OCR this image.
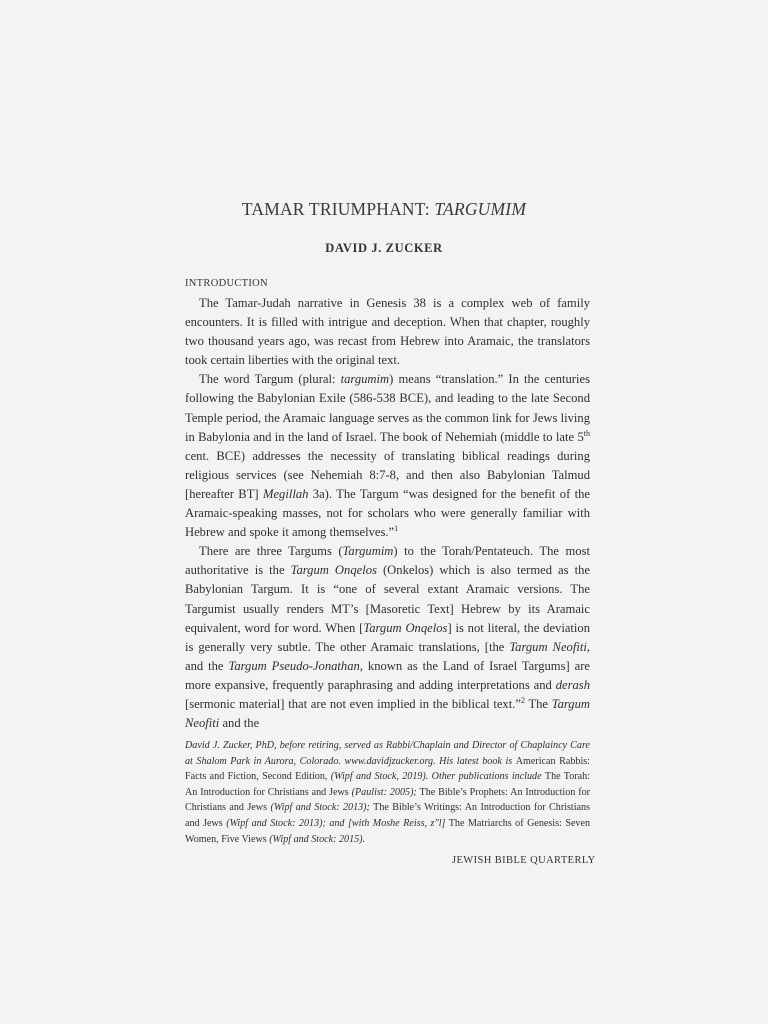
TAMAR TRIUMPHANT: TARGUMIM
DAVID J. ZUCKER
INTRODUCTION

The Tamar-Judah narrative in Genesis 38 is a complex web of family encounters. It is filled with intrigue and deception. When that chapter, roughly two thousand years ago, was recast from Hebrew into Aramaic, the translators took certain liberties with the original text.

The word Targum (plural: targumim) means “translation.” In the centuries following the Babylonian Exile (586-538 BCE), and leading to the late Second Temple period, the Aramaic language serves as the common link for Jews living in Babylonia and in the land of Israel. The book of Nehemiah (middle to late 5th cent. BCE) addresses the necessity of translating biblical readings during religious services (see Nehemiah 8:7-8, and then also Babylonian Talmud [hereafter BT] Megillah 3a). The Targum “was designed for the benefit of the Aramaic-speaking masses, not for scholars who were generally familiar with Hebrew and spoke it among themselves.”$^1$

There are three Targums (Targumim) to the Torah/Pentateuch. The most authoritative is the Targum Onqelos (Onkelos) which is also termed as the Babylonian Targum. It is “one of several extant Aramaic versions. The Targumist usually renders MT’s [Masoretic Text] Hebrew by its Aramaic equivalent, word for word. When [Targum Onqelos] is not literal, the deviation is generally very subtle. The other Aramaic translations, [the Targum Neofiti, and the Targum Pseudo-Jonathan, known as the Land of Israel Targums] are more expansive, frequently paraphrasing and adding interpretations and derash [sermonic material] that are not even implied in the biblical text.”$^2$ The Targum Neofiti and the

David J. Zucker, PhD, before retiring, served as Rabbi/Chaplain and Director of Chaplaincy Care at Shalom Park in Aurora, Colorado. www.davidjzucker.org. His latest book is American Rabbis: Facts and Fiction, Second Edition, (Wipf and Stock, 2019). Other publications include The Torah: An Introduction for Christians and Jews (Paulist: 2005); The Bible’s Prophets: An Introduction for Christians and Jews (Wipf and Stock: 2013); The Bible’s Writings: An Introduction for Christians and Jews (Wipf and Stock: 2013); and [with Moshe Reiss, z"l] The Matriarchs of Genesis: Seven Women, Five Views (Wipf and Stock: 2015).
JEWISH BIBLE QUARTERLY
